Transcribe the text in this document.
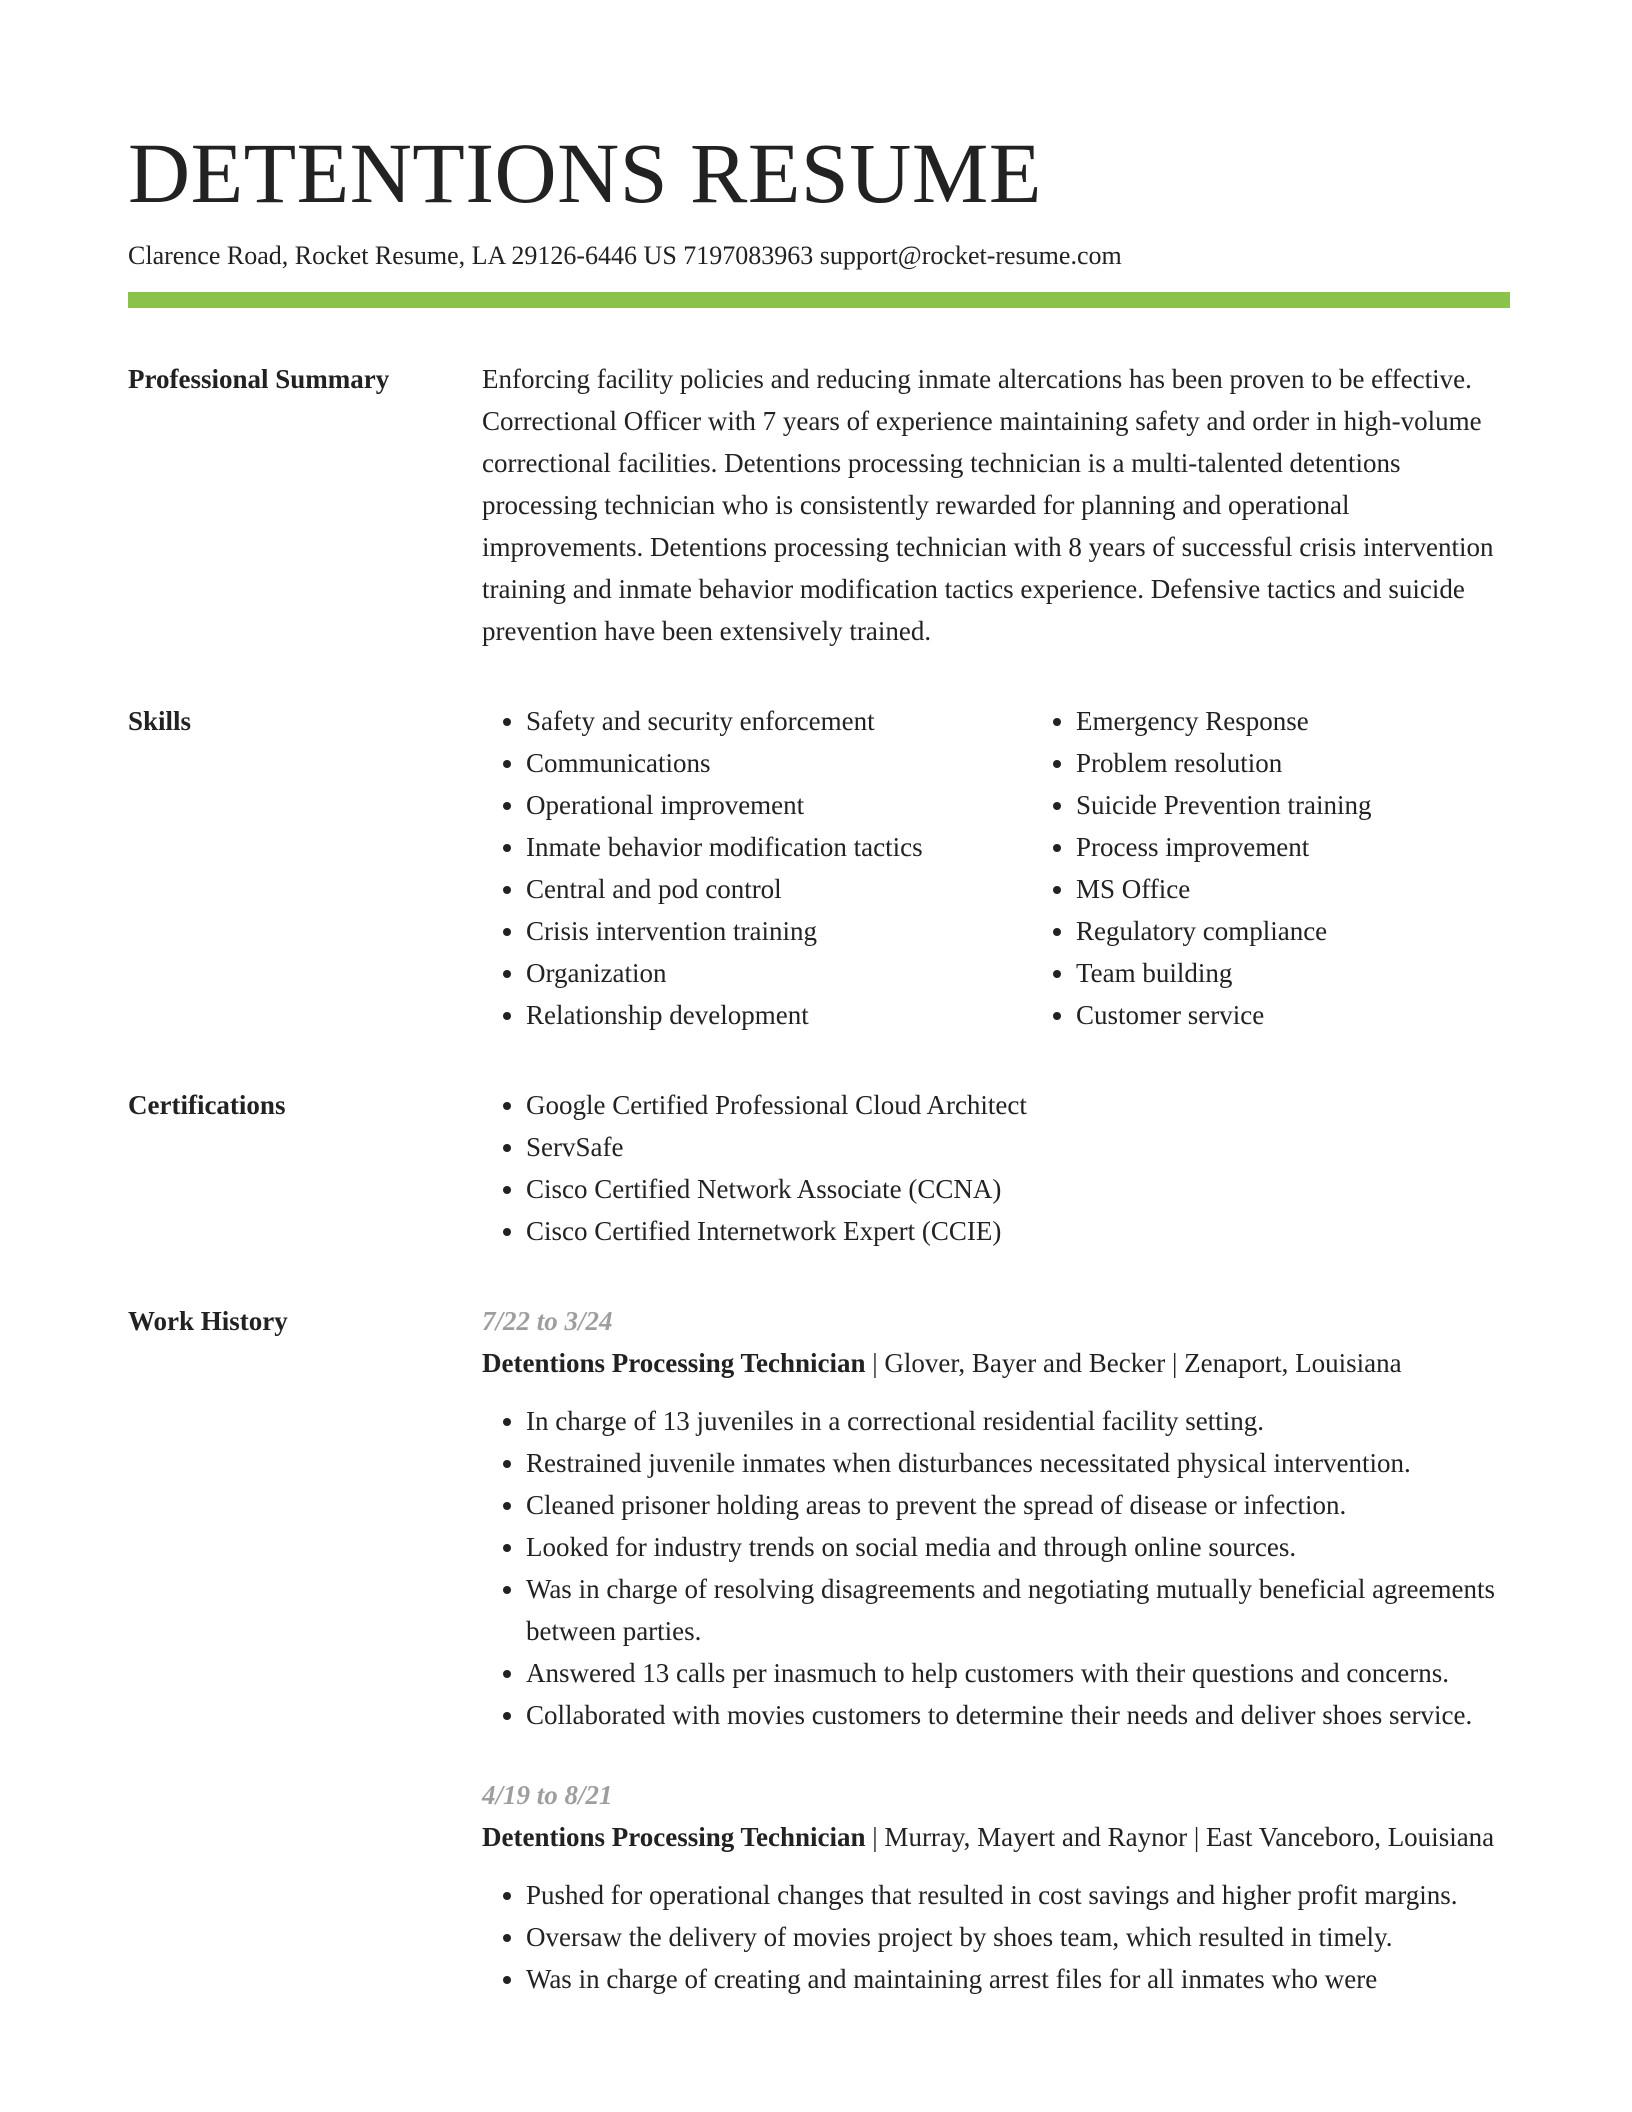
DETENTIONS RESUME
Clarence Road, Rocket Resume, LA 29126-6446 US 7197083963 support@rocket-resume.com
Professional Summary	Enforcing facility policies and reducing inmate altercations has been proven to be effective. Correctional Officer with 7 years of experience maintaining safety and order in high-volume correctional facilities. Detentions processing technician is a multi-talented detentions processing technician who is consistently rewarded for planning and operational improvements. Detentions processing technician with 8 years of successful crisis intervention training and inmate behavior modification tactics experience. Defensive tactics and suicide prevention have been extensively trained.

Skills	• Safety and security enforcement
• Communications
• Operational improvement
• Inmate behavior modification tactics
• Central and pod control
• Crisis intervention training
• Organization
• Relationship development
• Emergency Response
• Problem resolution
• Suicide Prevention training
• Process improvement
• MS Office
• Regulatory compliance
• Team building
• Customer service
Certifications	• Google Certified Professional Cloud Architect
• ServSafe
• Cisco Certified Network Associate (CCNA)
• Cisco Certified Internetwork Expert (CCIE)
Work History	7/22 to 3/24
Detentions Processing Technician | Glover, Bayer and Becker | Zenaport, Louisiana
• In charge of 13 juveniles in a correctional residential facility setting.
• Restrained juvenile inmates when disturbances necessitated physical intervention.
• Cleaned prisoner holding areas to prevent the spread of disease or infection.
• Looked for industry trends on social media and through online sources.
• Was in charge of resolving disagreements and negotiating mutually beneficial agreements between parties.
• Answered 13 calls per inasmuch to help customers with their questions and concerns.
• Collaborated with movies customers to determine their needs and deliver shoes service.
4/19 to 8/21
Detentions Processing Technician | Murray, Mayert and Raynor | East Vanceboro, Louisiana
• Pushed for operational changes that resulted in cost savings and higher profit margins.
• Oversaw the delivery of movies project by shoes team, which resulted in timely.
• Was in charge of creating and maintaining arrest files for all inmates who were
